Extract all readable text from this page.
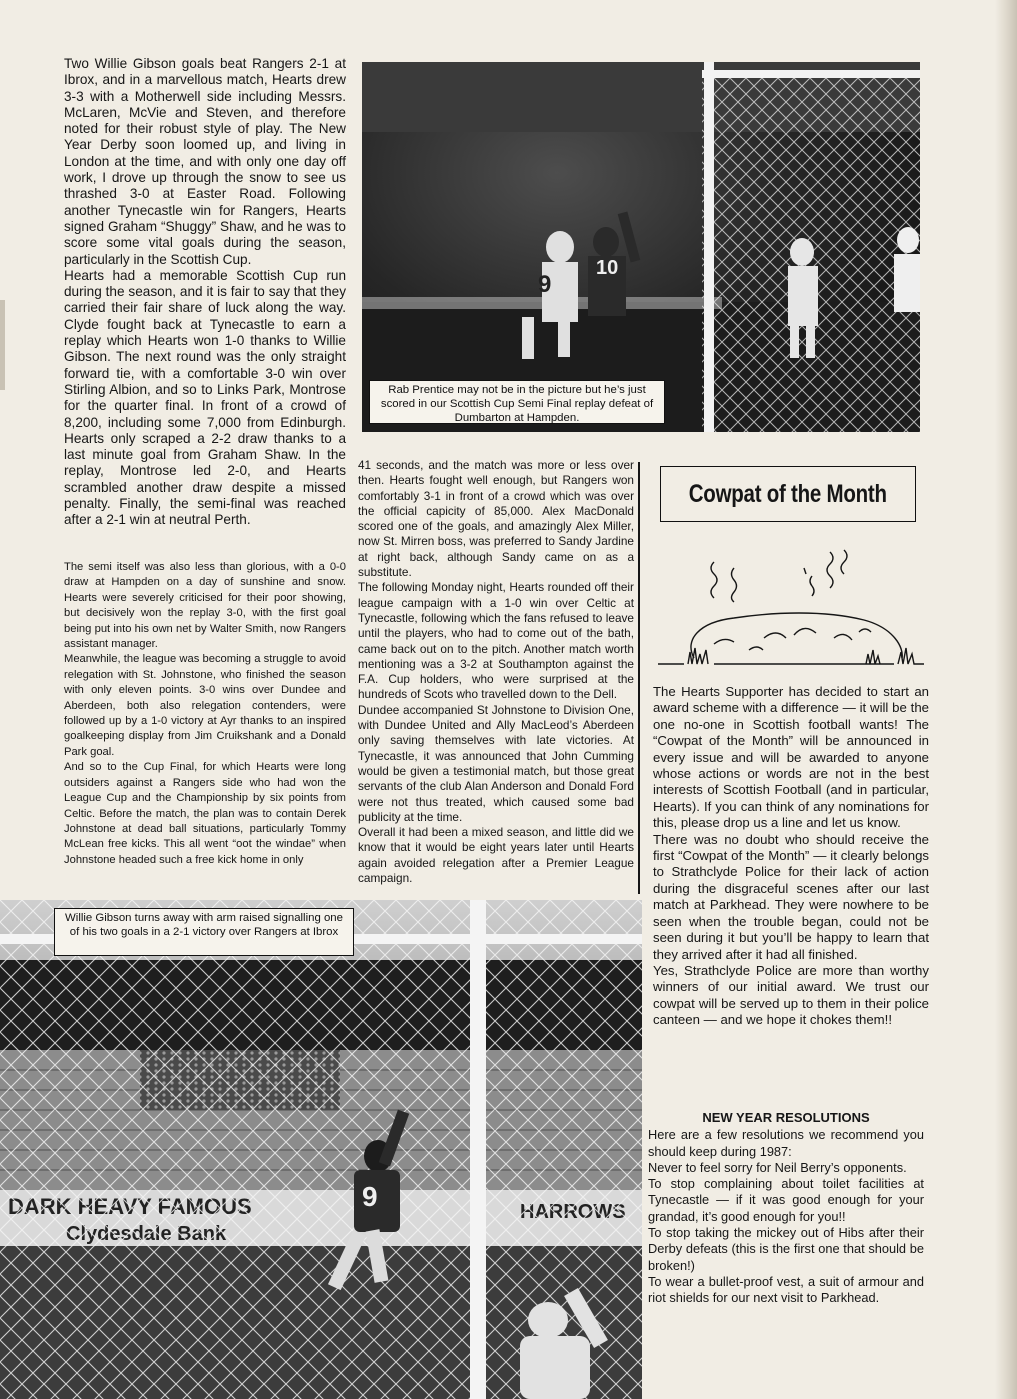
Two Willie Gibson goals beat Rangers 2-1 at Ibrox, and in a marvellous match, Hearts drew 3-3 with a Motherwell side including Messrs. McLaren, McVie and Steven, and therefore noted for their robust style of play. The New Year Derby soon loomed up, and living in London at the time, and with only one day off work, I drove up through the snow to see us thrashed 3-0 at Easter Road. Following another Tynecastle win for Rangers, Hearts signed Graham “Shuggy” Shaw, and he was to score some vital goals during the season, particularly in the Scottish Cup.

Hearts had a memorable Scottish Cup run during the season, and it is fair to say that they carried their fair share of luck along the way. Clyde fought back at Tynecastle to earn a replay which Hearts won 1-0 thanks to Willie Gibson. The next round was the only straight forward tie, with a comfortable 3-0 win over Stirling Albion, and so to Links Park, Montrose for the quarter final. In front of a crowd of 8,200, including some 7,000 from Edinburgh. Hearts only scraped a 2-2 draw thanks to a last minute goal from Graham Shaw. In the replay, Montrose led 2-0, and Hearts scrambled another draw despite a missed penalty. Finally, the semi-final was reached after a 2-1 win at neutral Perth.

The semi itself was also less than glorious, with a 0-0 draw at Hampden on a day of sunshine and snow. Hearts were severely criticised for their poor showing, but decisively won the replay 3-0, with the first goal being put into his own net by Walter Smith, now Rangers assistant manager.

Meanwhile, the league was becoming a struggle to avoid relegation with St. Johnstone, who finished the season with only eleven points. 3-0 wins over Dundee and Aberdeen, both also relegation contenders, were followed up by a 1-0 victory at Ayr thanks to an inspired goalkeeping display from Jim Cruikshank and a Donald Park goal.

And so to the Cup Final, for which Hearts were long outsiders against a Rangers side who had won the League Cup and the Championship by six points from Celtic. Before the match, the plan was to contain Derek Johnstone at dead ball situations, particularly Tommy McLean free kicks. This all went “oot the windae” when Johnstone headed such a free kick home in only

41 seconds, and the match was more or less over then. Hearts fought well enough, but Rangers won comfortably 3-1 in front of a crowd which was over the official capicity of 85,000. Alex MacDonald scored one of the goals, and amazingly Alex Miller, now St. Mirren boss, was preferred to Sandy Jardine at right back, although Sandy came on as a substitute.

The following Monday night, Hearts rounded off their league campaign with a 1-0 win over Celtic at Tynecastle, following which the fans refused to leave until the players, who had to come out of the bath, came back out on to the pitch. Another match worth mentioning was a 3-2 at Southampton against the F.A. Cup holders, who were surprised at the hundreds of Scots who travelled down to the Dell.

Dundee accompanied St Johnstone to Division One, with Dundee United and Ally MacLeod’s Aberdeen only saving themselves with late victories. At Tynecastle, it was announced that John Cumming would be given a testimonial match, but those great servants of the club Alan Anderson and Donald Ford were not thus treated, which caused some bad publicity at the time.

Overall it had been a mixed season, and little did we know that it would be eight years later until Hearts again avoided relegation after a Premier League campaign.

9
10
Rab Prentice may not be in the picture but he’s just scored in our Scottish Cup Semi Final replay defeat of Dumbarton at Hampden.
Cowpat of the Month

The Hearts Supporter has decided to start an award scheme with a difference — it will be the one no-one in Scottish football wants! The “Cowpat of the Month” will be announced in every issue and will be awarded to anyone whose actions or words are not in the best interests of Scottish Football (and in particular, Hearts). If you can think of any nominations for this, please drop us a line and let us know.

There was no doubt who should receive the first “Cowpat of the Month” — it clearly belongs to Strathclyde Police for their lack of action during the disgraceful scenes after our last match at Parkhead. They were nowhere to be seen when the trouble began, could not be seen during it but you’ll be happy to learn that they arrived after it had all finished.

Yes, Strathclyde Police are more than worthy winners of our initial award. We trust our cowpat will be served up to them in their police canteen — and we hope it chokes them!!

9
Willie Gibson turns away with arm raised signalling one of his two goals in a 2-1 victory over Rangers at Ibrox
NEW YEAR RESOLUTIONS

Here are a few resolutions we recommend you should keep during 1987:

Never to feel sorry for Neil Berry’s opponents.

To stop complaining about toilet facilities at Tynecastle — if it was good enough for your grandad, it’s good enough for you!!

To stop taking the mickey out of Hibs after their Derby defeats (this is the first one that should be broken!)

To wear a bullet-proof vest, a suit of armour and riot shields for our next visit to Parkhead.
